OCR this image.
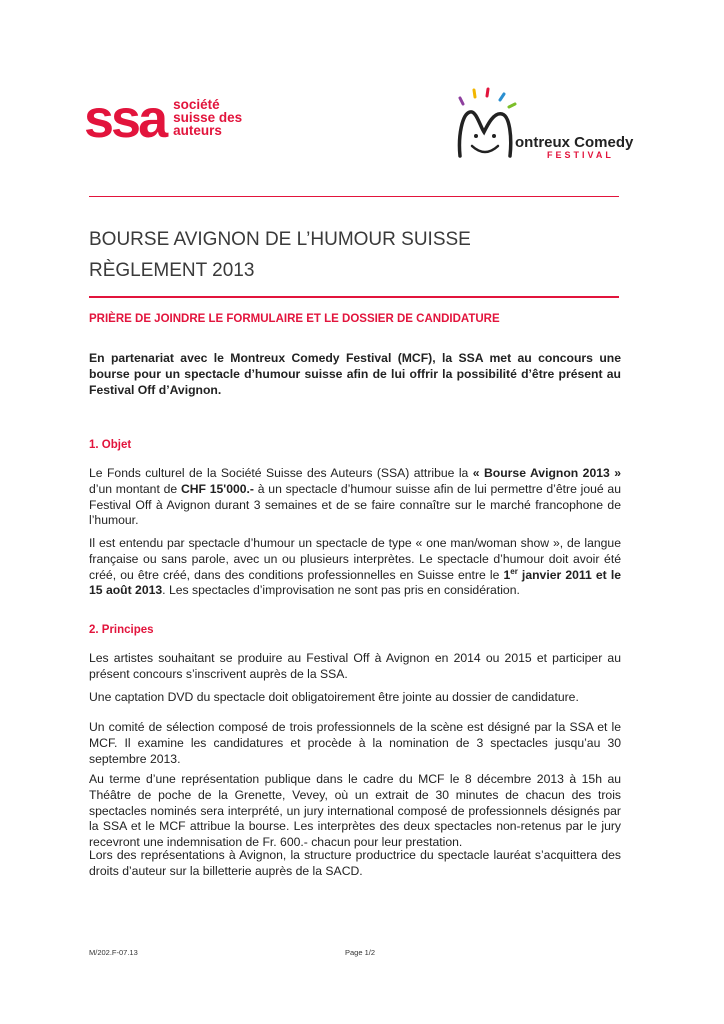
ssa société
suisse des
auteurs
ontreux Comedy
FESTIVAL
BOURSE AVIGNON DE L’HUMOUR SUISSE
RÈGLEMENT 2013
PRIÈRE DE JOINDRE LE FORMULAIRE ET LE DOSSIER DE CANDIDATURE
En partenariat avec le Montreux Comedy Festival (MCF), la SSA met au concours une
bourse pour un spectacle d’humour suisse afin de lui offrir la possibilité d’être présent au
Festival Off d’Avignon.
1. Objet
Le Fonds culturel de la Société Suisse des Auteurs (SSA) attribue la « Bourse Avignon 2013 »
d’un montant de CHF 15'000.- à un spectacle d’humour suisse afin de lui permettre d’être joué au
Festival Off à Avignon durant 3 semaines et de se faire connaître sur le marché francophone de
l’humour.
Il est entendu par spectacle d’humour un spectacle de type « one man/woman show », de langue
française ou sans parole, avec un ou plusieurs interprètes. Le spectacle d’humour doit avoir été
créé, ou être créé, dans des conditions professionnelles en Suisse entre le 1er janvier 2011 et le
15 août 2013. Les spectacles d’improvisation ne sont pas pris en considération.
2. Principes
Les artistes souhaitant se produire au Festival Off à Avignon en 2014 ou 2015 et participer au
présent concours s’inscrivent auprès de la SSA.
Une captation DVD du spectacle doit obligatoirement être jointe au dossier de candidature.
Un comité de sélection composé de trois professionnels de la scène est désigné par la SSA et le
MCF. Il examine les candidatures et procède à la nomination de 3 spectacles jusqu’au 30
septembre 2013.
Au terme d’une représentation publique dans le cadre du MCF le 8 décembre 2013 à 15h au
Théâtre de poche de la Grenette, Vevey, où un extrait de 30 minutes de chacun des trois
spectacles nominés sera interprété, un jury international composé de professionnels désignés par
la SSA et le MCF attribue la bourse. Les interprètes des deux spectacles non-retenus par le jury
recevront une indemnisation de Fr. 600.- chacun pour leur prestation.
Lors des représentations à Avignon, la structure productrice du spectacle lauréat s’acquittera des
droits d’auteur sur la billetterie auprès de la SACD.
M/202.F-07.13	Page 1/2
